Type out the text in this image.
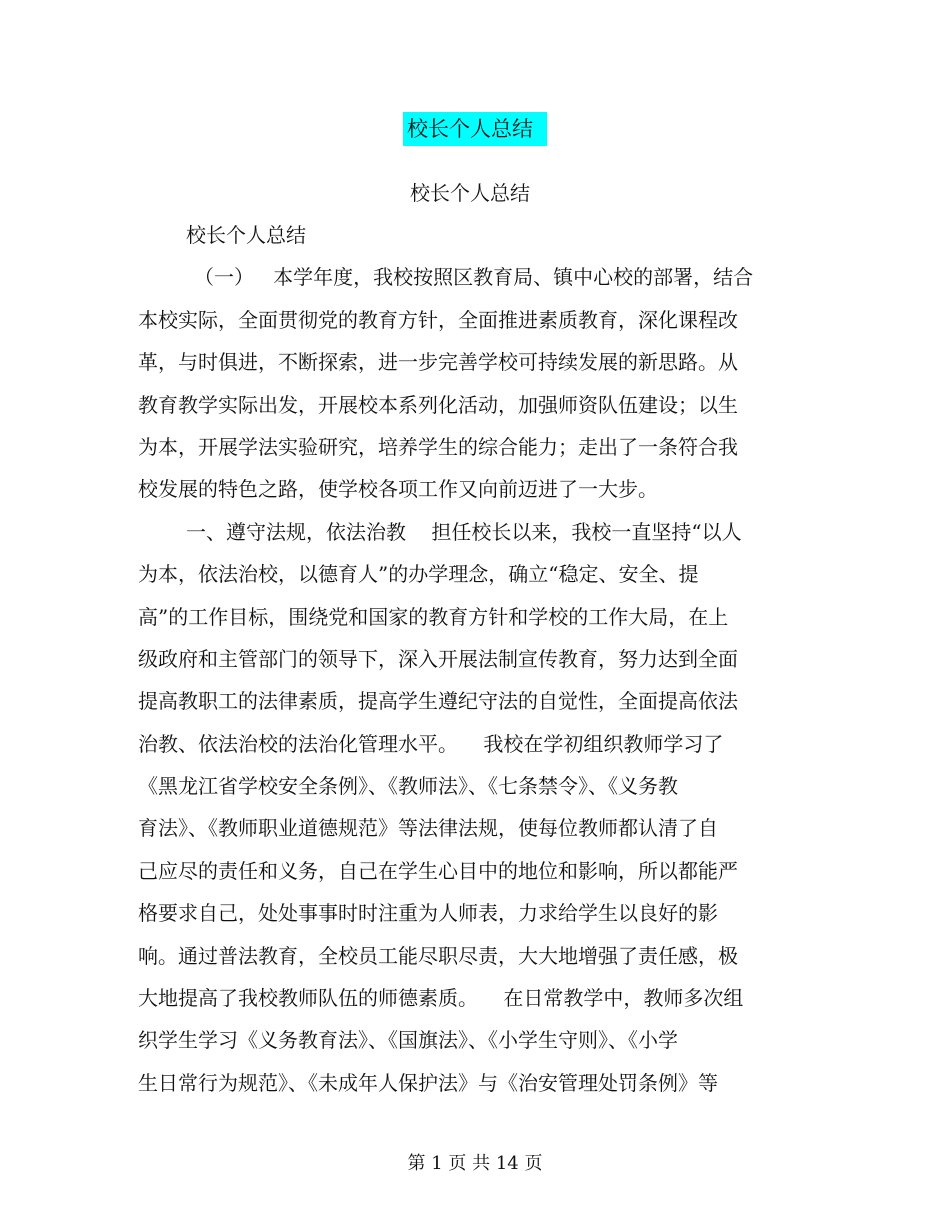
校长个人总结
校长个人总结
校长个人总结
（一）   本学年度，我校按照区教育局、镇中心校的部署，结合
本校实际，全面贯彻党的教育方针，全面推进素质教育，深化课程改
革，与时俱进，不断探索，进一步完善学校可持续发展的新思路。从
教育教学实际出发，开展校本系列化活动，加强师资队伍建设；以生
为本，开展学法实验研究，培养学生的综合能力；走出了一条符合我
校发展的特色之路，使学校各项工作又向前迈进了一大步。
一、遵守法规，依法治教    担任校长以来，我校一直坚持“以人
为本，依法治校，以德育人”的办学理念，确立“稳定、安全、提
高”的工作目标，围绕党和国家的教育方针和学校的工作大局，在上
级政府和主管部门的领导下，深入开展法制宣传教育，努力达到全面
提高教职工的法律素质，提高学生遵纪守法的自觉性，全面提高依法
治教、依法治校的法治化管理水平。    我校在学初组织教师学习了
《黑龙江省学校安全条例》、《教师法》、《七条禁令》、《义务教
育法》、《教师职业道德规范》等法律法规，使每位教师都认清了自
己应尽的责任和义务，自己在学生心目中的地位和影响，所以都能严
格要求自己，处处事事时时注重为人师表，力求给学生以良好的影
响。通过普法教育，全校员工能尽职尽责，大大地增强了责任感，极
大地提高了我校教师队伍的师德素质。    在日常教学中，教师多次组
织学生学习《义务教育法》、《国旗法》、《小学生守则》、《小学
生日常行为规范》、《未成年人保护法》与《治安管理处罚条例》等
第 1 页 共 14 页
